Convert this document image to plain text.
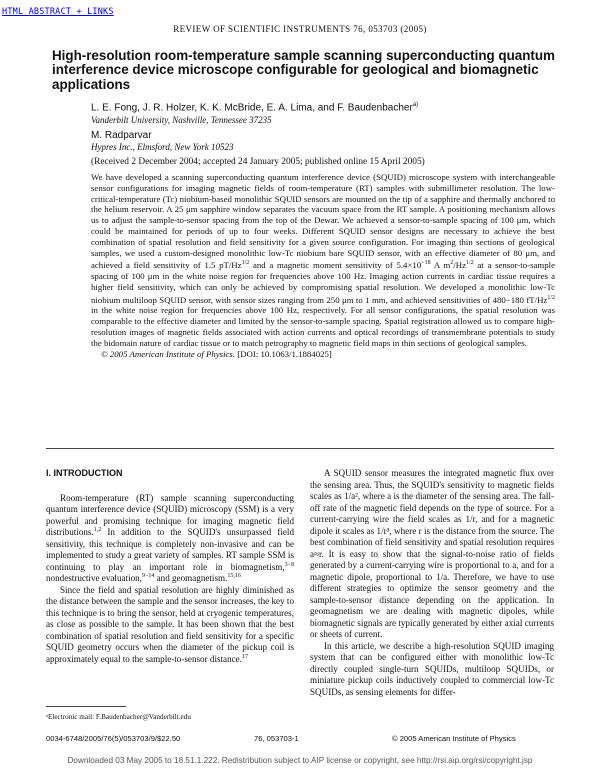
HTML ABSTRACT + LINKS
REVIEW OF SCIENTIFIC INSTRUMENTS 76, 053703 (2005)
High-resolution room-temperature sample scanning superconducting quantum interference device microscope configurable for geological and biomagnetic applications
L. E. Fong, J. R. Holzer, K. K. McBride, E. A. Lima, and F. Baudenbacher$^{a)}$
Vanderbilt University, Nashville, Tennessee 37235
M. Radparvar
Hypres Inc., Elmsford, New York 10523
(Received 2 December 2004; accepted 24 January 2005; published online 15 April 2005)
We have developed a scanning superconducting quantum interference device (SQUID) microscope system with interchangeable sensor configurations for imaging magnetic fields of room-temperature (RT) samples with submillimeter resolution. The low-critical-temperature (Tc) niobium-based monolithic SQUID sensors are mounted on the tip of a sapphire and thermally anchored to the helium reservoir. A 25 μm sapphire window separates the vacuum space from the RT sample. A positioning mechanism allows us to adjust the sample-to-sensor spacing from the top of the Dewar. We achieved a sensor-to-sample spacing of 100 μm, which could be maintained for periods of up to four weeks. Different SQUID sensor designs are necessary to achieve the best combination of spatial resolution and field sensitivity for a given source configuration. For imaging thin sections of geological samples, we used a custom-designed monolithic low-Tc niobium bare SQUID sensor, with an effective diameter of 80 μm, and achieved a field sensitivity of 1.5 $pT/Hz^{1/2}$ and a magnetic moment sensitivity of $5.4\times 10^{-18}$ A $m^2/Hz^{1/2}$ at a sensor-to-sample spacing of 100 μm in the white noise region for frequencies above 100 Hz. Imaging action currents in cardiac tissue requires a higher field sensitivity, which can only be achieved by compromising spatial resolution. We developed a monolithic low-Tc niobium multiloop SQUID sensor, with sensor sizes ranging from 250 μm to 1 mm, and achieved sensitivities of 480−180 $fT/Hz^{1/2}$ in the white noise region for frequencies above 100 Hz, respectively. For all sensor configurations, the spatial resolution was comparable to the effective diameter and limited by the sensor-to-sample spacing. Spatial registration allowed us to compare high-resolution images of magnetic fields associated with action currents and optical recordings of transmembrane potentials to study the bidomain nature of cardiac tissue or to match petrography to magnetic field maps in thin sections of geological samples.
© 2005 American Institute of Physics. [DOI: 10.1063/1.1884025]

I. INTRODUCTION

Room-temperature (RT) sample scanning superconducting quantum interference device (SQUID) microscopy (SSM) is a very powerful and promising technique for imaging magnetic field distributions.$^{1,2}$ In addition to the SQUID's unsurpassed field sensitivity, this technique is completely non-invasive and can be implemented to study a great variety of samples. RT sample SSM is continuing to play an important role in biomagnetism,$^{3-8}$ nondestructive evaluation,$^{9-14}$ and geomagnetism.$^{15,16}$

Since the field and spatial resolution are highly diminished as the distance between the sample and the sensor increases, the key to this technique is to bring the sensor, held at cryogenic temperatures, as close as possible to the sample. It has been shown that the best combination of spatial resolution and field sensitivity for a specific SQUID geometry occurs when the diameter of the pickup coil is approximately equal to the sample-to-sensor distance.$^{17}$

A SQUID sensor measures the integrated magnetic flux over the sensing area. Thus, the SQUID's sensitivity to magnetic fields scales as 1/a², where a is the diameter of the sensing area. The fall-off rate of the magnetic field depends on the type of source. For a current-carrying wire the field scales as 1/r, and for a magnetic dipole it scales as 1/r³, where r is the distance from the source. The best combination of field sensitivity and spatial resolution requires a≈r. It is easy to show that the signal-to-noise ratio of fields generated by a current-carrying wire is proportional to a, and for a magnetic dipole, proportional to 1/a. Therefore, we have to use different strategies to optimize the sensor geometry and the sample-to-sensor distance depending on the application. In geomagnetism we are dealing with magnetic dipoles, while biomagnetic signals are typically generated by either axial currents or sheets of current.

In this article, we describe a high-resolution SQUID imaging system that can be configured either with monolithic low-Tc directly coupled single-turn SQUIDs, multiloop SQUIDs, or miniature pickup coils inductively coupled to commercial low-Tc SQUIDs, as sensing elements for differ-

ᵃElectronic mail: F.Baudenbacher@Vanderbilt.edu
0034-6748/2005/76(5)/053703/9/$22.50	76, 053703-1	© 2005 American Institute of Physics
Downloaded 03 May 2005 to 18.51.1.222. Redistribution subject to AIP license or copyright, see http://rsi.aip.org/rsi/copyright.jsp
